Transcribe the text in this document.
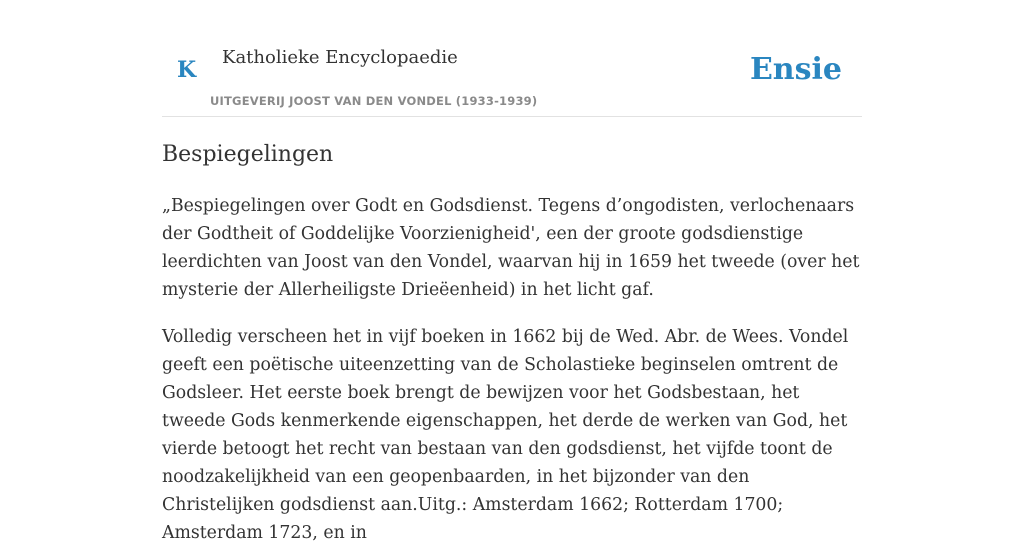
K Katholieke Encyclopaedie
UITGEVERIJ JOOST VAN DEN VONDEL (1933-1939)
Ensie
Bespiegelingen

„Bespiegelingen over Godt en Godsdienst. Tegens d’ongodisten, verlochenaars der Godtheit of Goddelijke Voorzienigheid', een der groote godsdienstige leerdichten van Joost van den Vondel, waarvan hij in 1659 het tweede (over het mysterie der Allerheiligste Drieëenheid) in het licht gaf.

Volledig verscheen het in vijf boeken in 1662 bij de Wed. Abr. de Wees. Vondel geeft een poëtische uiteenzetting van de Scholastieke beginselen omtrent de Godsleer. Het eerste boek brengt de bewijzen voor het Godsbestaan, het tweede Gods kenmerkende eigenschappen, het derde de werken van God, het vierde betoogt het recht van bestaan van den godsdienst, het vijfde toont de noodzakelijkheid van een geopenbaarden, in het bijzonder van den Christelijken godsdienst aan.Uitg.: Amsterdam 1662; Rotterdam 1700; Amsterdam 1723, en in
